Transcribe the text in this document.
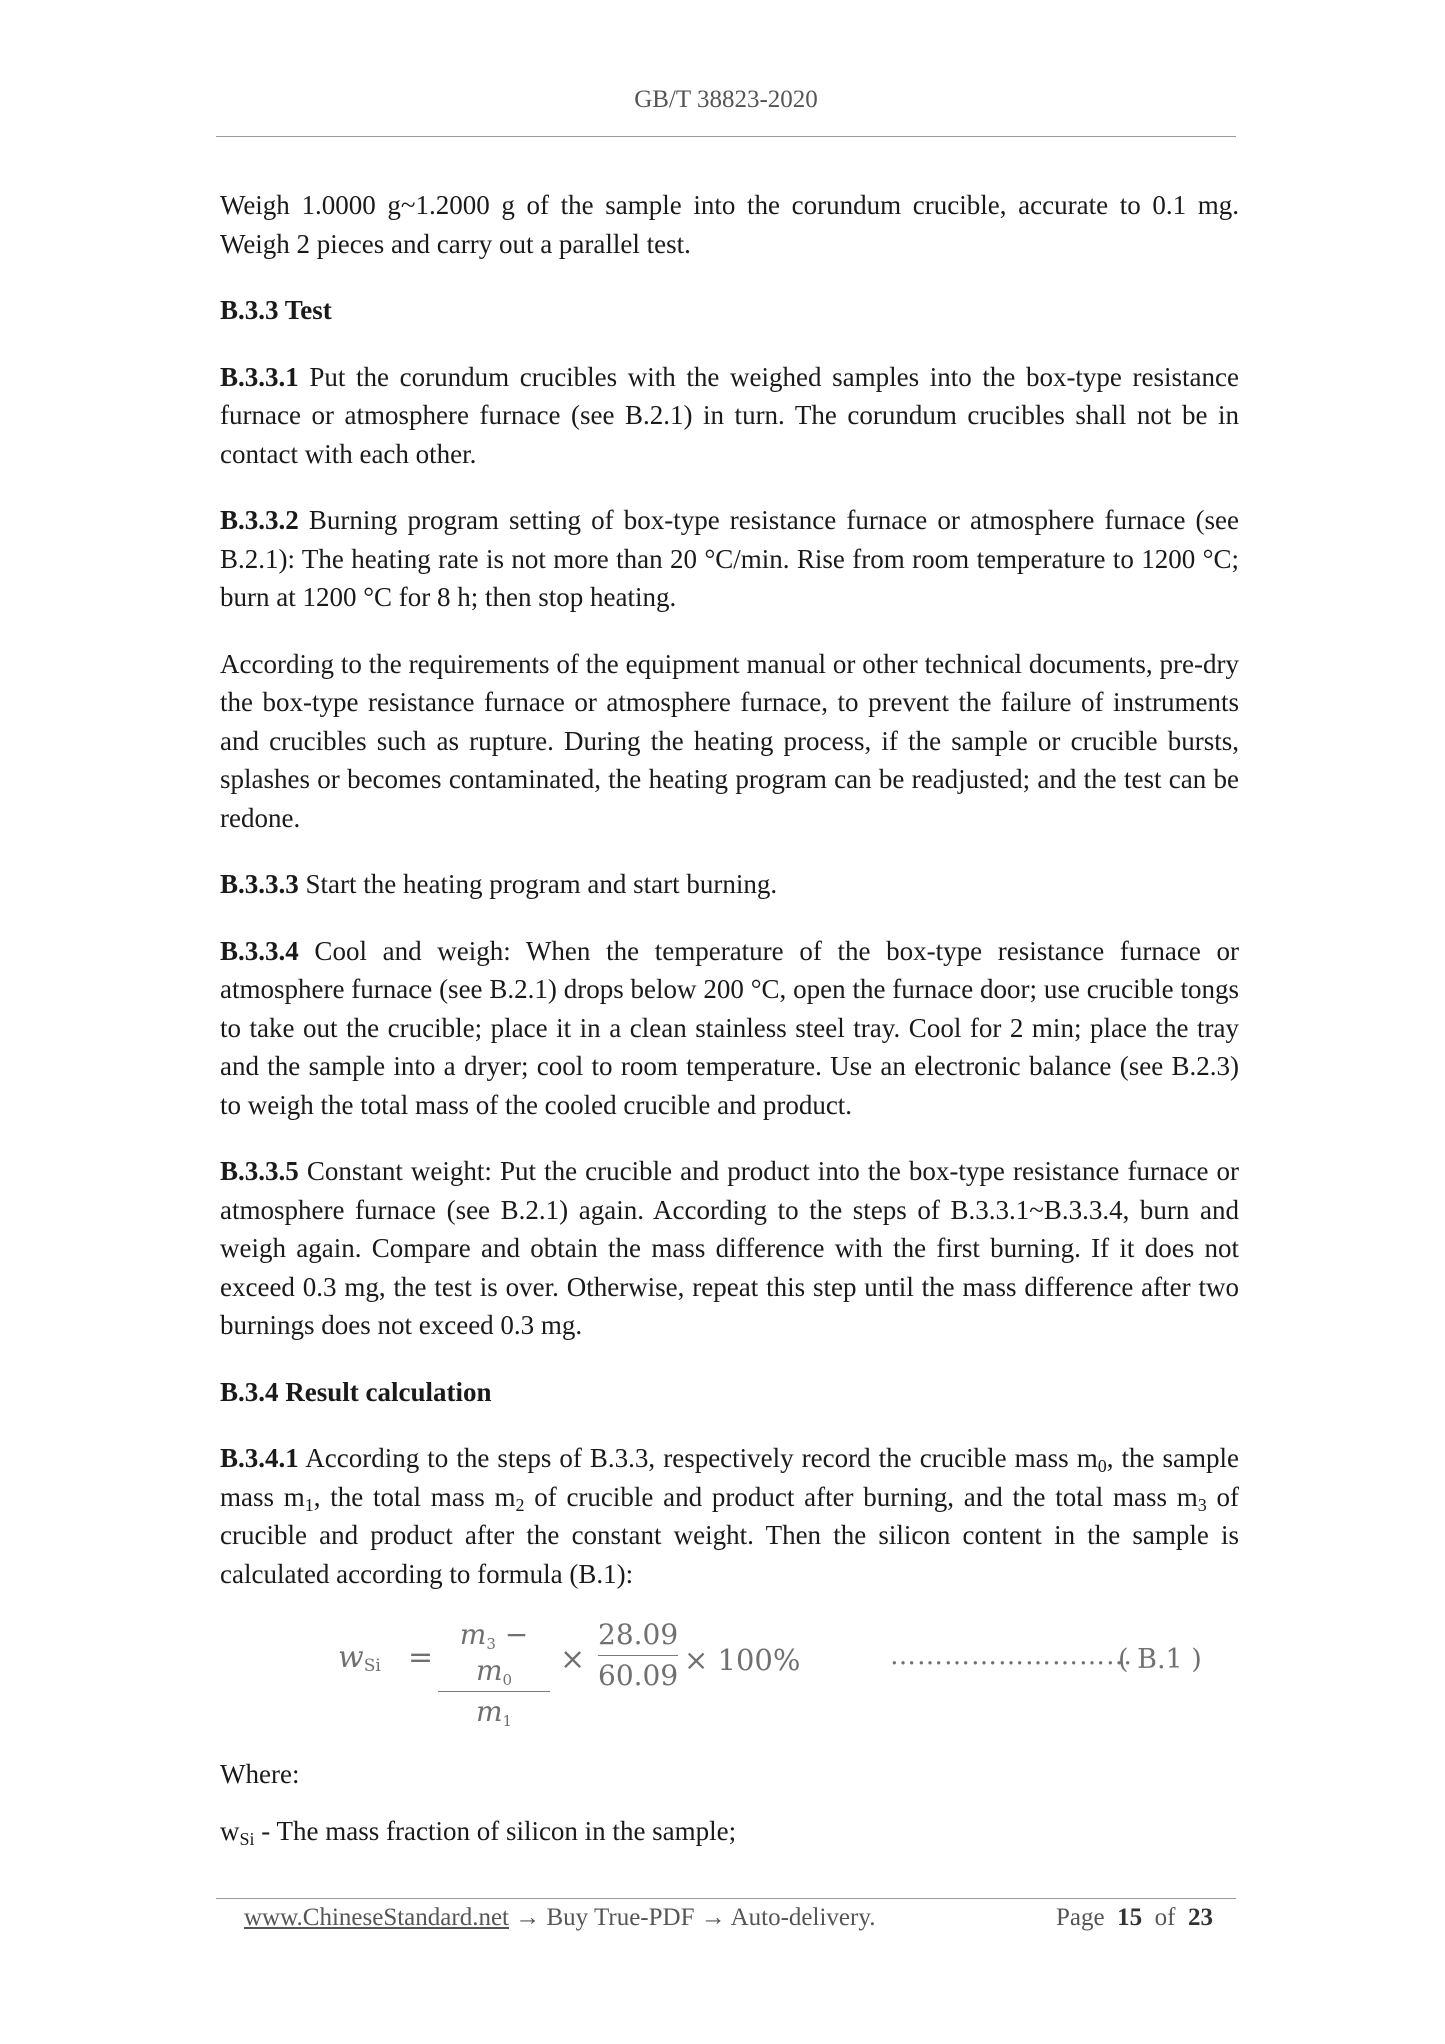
GB/T 38823-2020

Weigh 1.0000 g~1.2000 g of the sample into the corundum crucible, accurate to 0.1 mg. Weigh 2 pieces and carry out a parallel test.

B.3.3 Test

B.3.3.1 Put the corundum crucibles with the weighed samples into the box-type resistance furnace or atmosphere furnace (see B.2.1) in turn. The corundum crucibles shall not be in contact with each other.

B.3.3.2 Burning program setting of box-type resistance furnace or atmosphere furnace (see B.2.1): The heating rate is not more than 20 °C/min. Rise from room temperature to 1200 °C; burn at 1200 °C for 8 h; then stop heating.

According to the requirements of the equipment manual or other technical documents, pre-dry the box-type resistance furnace or atmosphere furnace, to prevent the failure of instruments and crucibles such as rupture. During the heating process, if the sample or crucible bursts, splashes or becomes contaminated, the heating program can be readjusted; and the test can be redone.

B.3.3.3 Start the heating program and start burning.

B.3.3.4 Cool and weigh: When the temperature of the box-type resistance furnace or atmosphere furnace (see B.2.1) drops below 200 °C, open the furnace door; use crucible tongs to take out the crucible; place it in a clean stainless steel tray. Cool for 2 min; place the tray and the sample into a dryer; cool to room temperature. Use an electronic balance (see B.2.3) to weigh the total mass of the cooled crucible and product.

B.3.3.5 Constant weight: Put the crucible and product into the box-type resistance furnace or atmosphere furnace (see B.2.1) again. According to the steps of B.3.3.1~B.3.3.4, burn and weigh again. Compare and obtain the mass difference with the first burning. If it does not exceed 0.3 mg, the test is over. Otherwise, repeat this step until the mass difference after two burnings does not exceed 0.3 mg.

B.3.4 Result calculation

B.3.4.1 According to the steps of B.3.3, respectively record the crucible mass $m_0$, the sample mass $m_1$, the total mass $m_2$ of crucible and product after burning, and the total mass $m_3$ of crucible and product after the constant weight. Then the silicon content in the sample is calculated according to formula (B.1):

$w_{Si}$ =
$m_3 - m_0$
$m_1$
×
28.09
60.09 × 100%	………………………
( B.1 )

Where:

$w_{Si}$ - The mass fraction of silicon in the sample;

www.ChineseStandard.net → Buy True-PDF → Auto-delivery.	Page 15 of 23
